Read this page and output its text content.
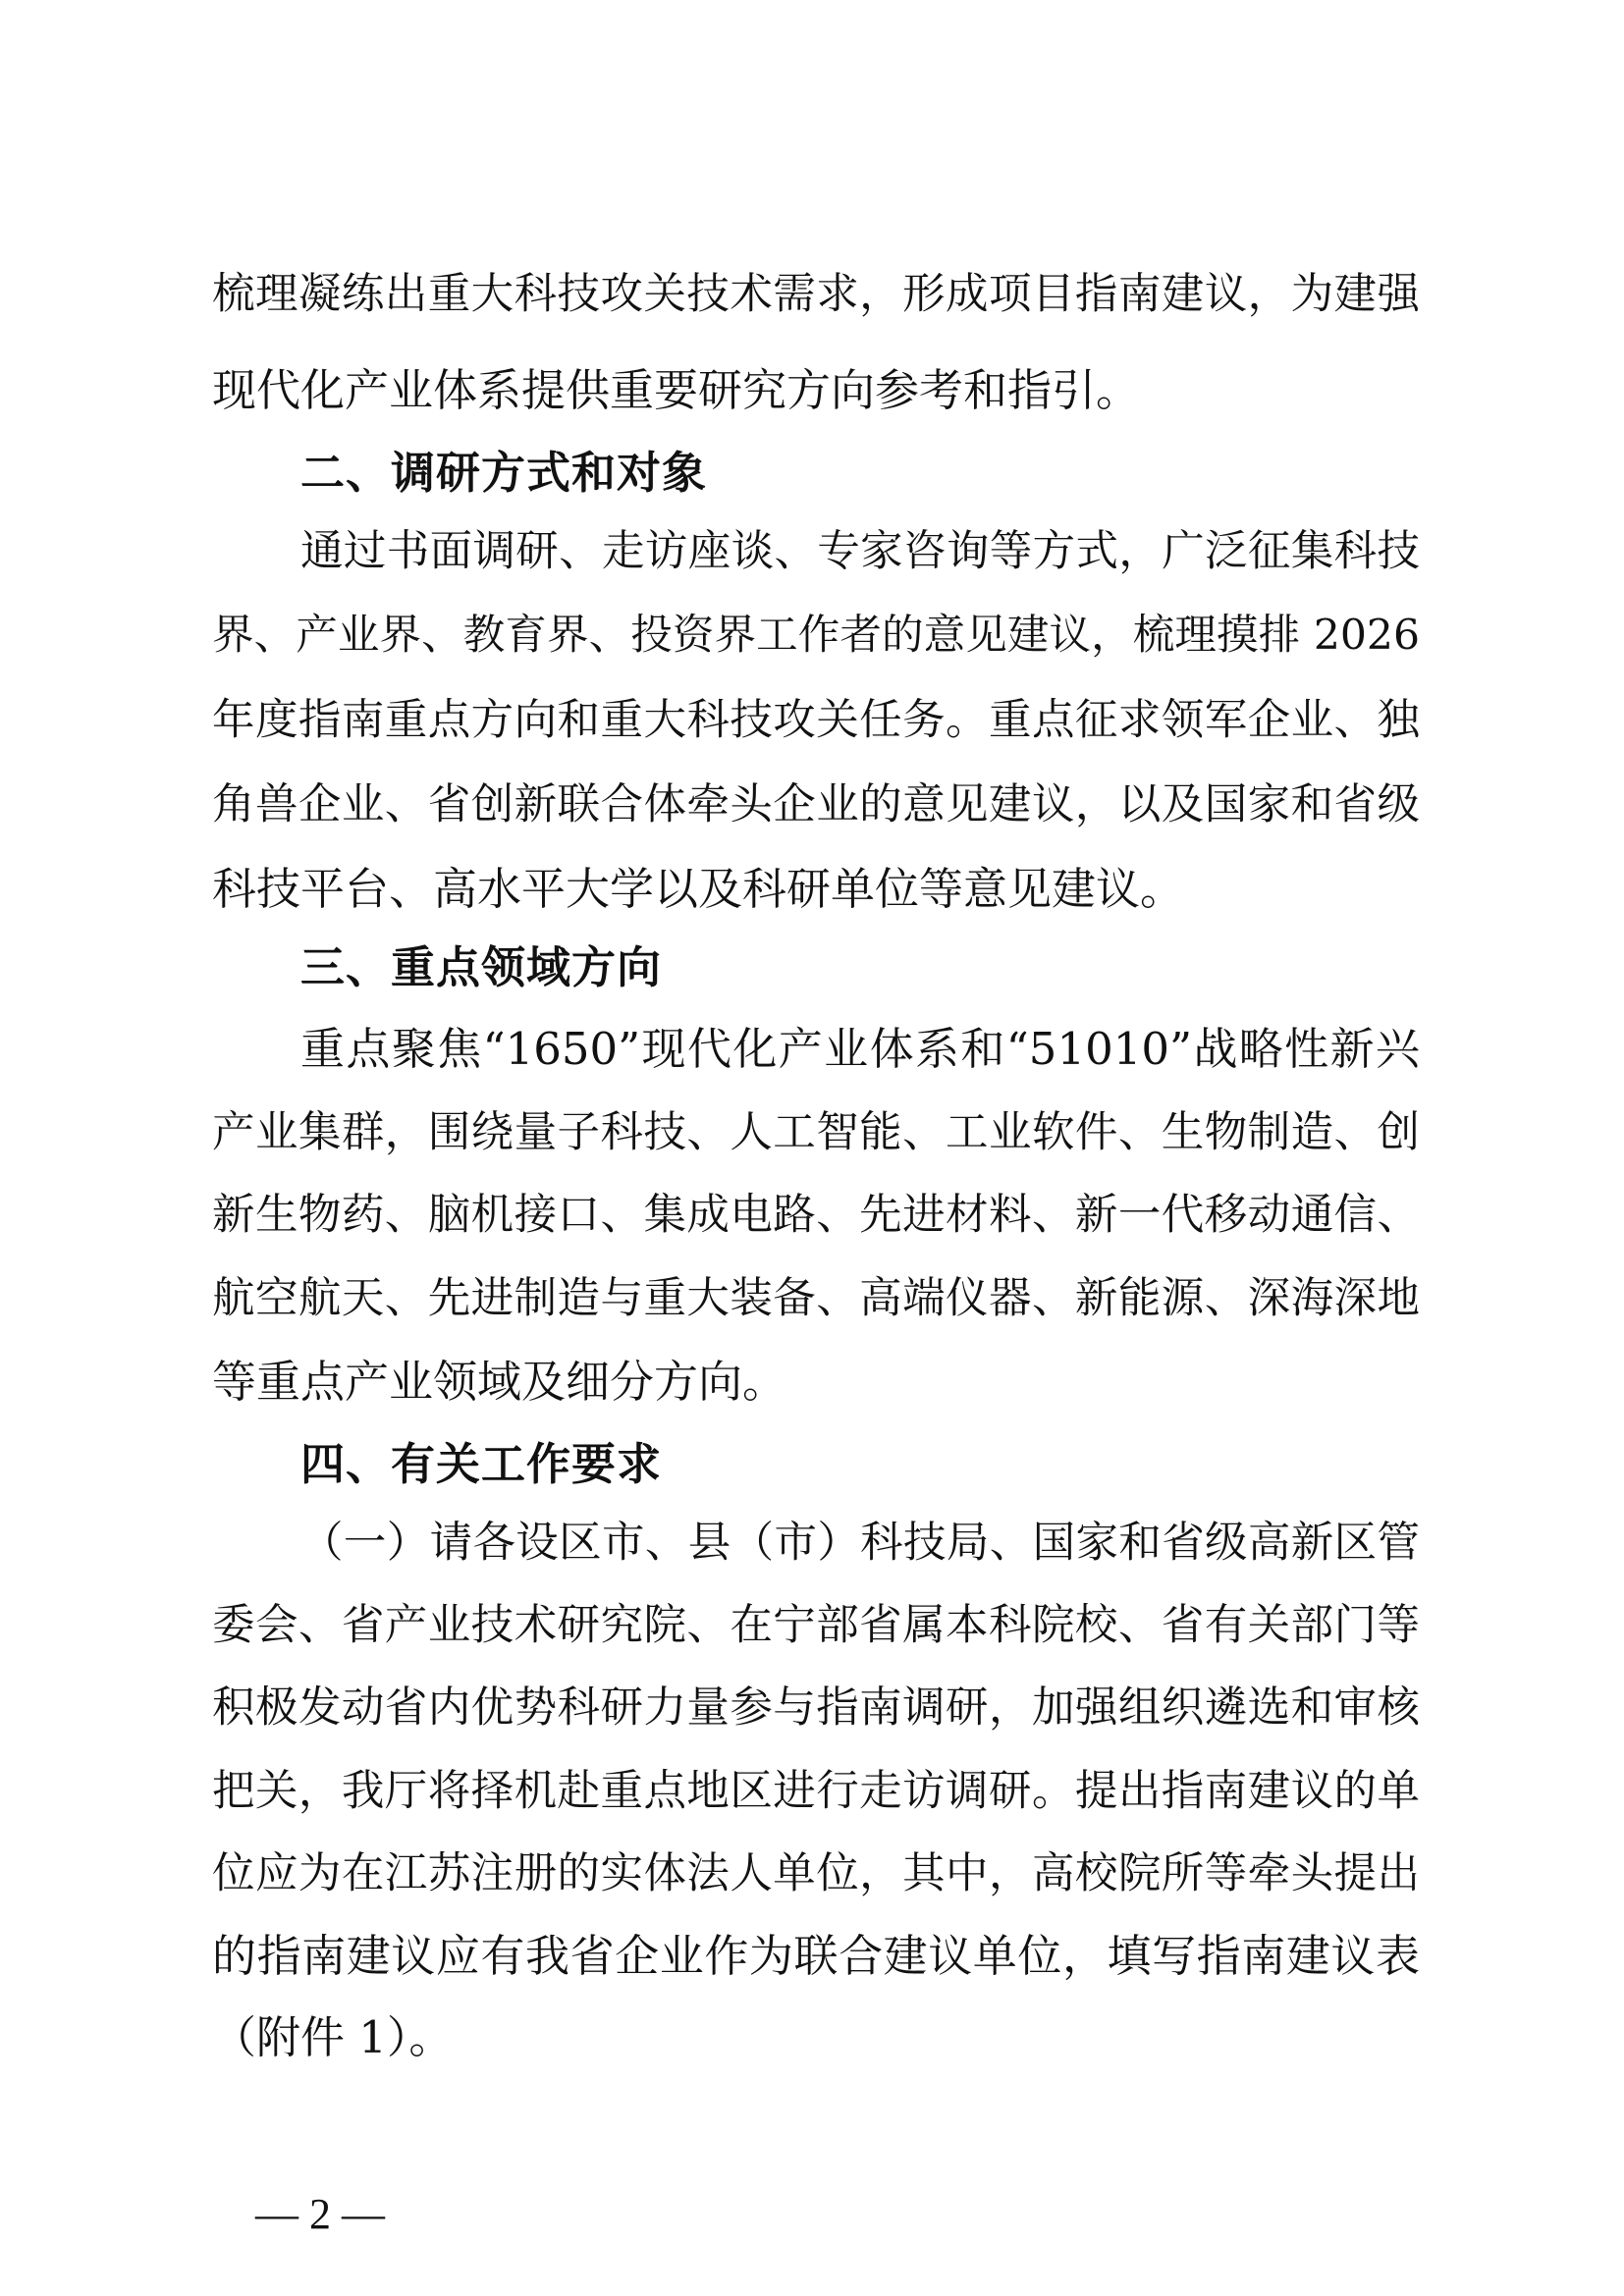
梳理凝练出重大科技攻关技术需求，形成项目指南建议，为建强
现代化产业体系提供重要研究方向参考和指引。
二、调研方式和对象
通过书面调研、走访座谈、专家咨询等方式，广泛征集科技
界、产业界、教育界、投资界工作者的意见建议，梳理摸排 2026
年度指南重点方向和重大科技攻关任务。重点征求领军企业、独
角兽企业、省创新联合体牵头企业的意见建议，以及国家和省级
科技平台、高水平大学以及科研单位等意见建议。
三、重点领域方向
重点聚焦“1650”现代化产业体系和“51010”战略性新兴
产业集群，围绕量子科技、人工智能、工业软件、生物制造、创
新生物药、脑机接口、集成电路、先进材料、新一代移动通信、
航空航天、先进制造与重大装备、高端仪器、新能源、深海深地
等重点产业领域及细分方向。
四、有关工作要求
（一）请各设区市、县（市）科技局、国家和省级高新区管
委会、省产业技术研究院、在宁部省属本科院校、省有关部门等
积极发动省内优势科研力量参与指南调研，加强组织遴选和审核
把关，我厅将择机赴重点地区进行走访调研。提出指南建议的单
位应为在江苏注册的实体法人单位，其中，高校院所等牵头提出
的指南建议应有我省企业作为联合建议单位，填写指南建议表
（附件 1）。
— 2 —
